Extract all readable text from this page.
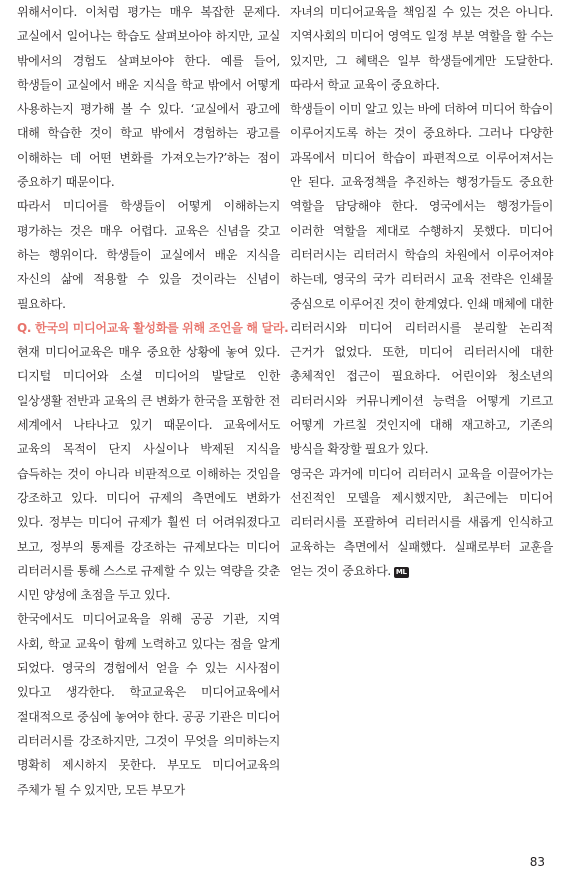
위해서이다. 이처럼 평가는 매우 복잡한 문제다. 교실에서 일어나는 학습도 살펴보아야 하지만, 교실 밖에서의 경험도 살펴보아야 한다. 예를 들어, 학생들이 교실에서 배운 지식을 학교 밖에서 어떻게 사용하는지 평가해 볼 수 있다. ‘교실에서 광고에 대해 학습한 것이 학교 밖에서 경험하는 광고를 이해하는 데 어떤 변화를 가져오는가?’하는 점이 중요하기 때문이다.

따라서 미디어를 학생들이 어떻게 이해하는지 평가하는 것은 매우 어렵다. 교육은 신념을 갖고 하는 행위이다. 학생들이 교실에서 배운 지식을 자신의 삶에 적용할 수 있을 것이라는 신념이 필요하다.

Q. 한국의 미디어교육 활성화를 위해 조언을 해 달라.

현재 미디어교육은 매우 중요한 상황에 놓여 있다. 디지털 미디어와 소셜 미디어의 발달로 인한 일상생활 전반과 교육의 큰 변화가 한국을 포함한 전 세계에서 나타나고 있기 때문이다. 교육에서도 교육의 목적이 단지 사실이나 박제된 지식을 습득하는 것이 아니라 비판적으로 이해하는 것임을 강조하고 있다. 미디어 규제의 측면에도 변화가 있다. 정부는 미디어 규제가 훨씬 더 어려워졌다고 보고, 정부의 통제를 강조하는 규제보다는 미디어 리터러시를 통해 스스로 규제할 수 있는 역량을 갖춘 시민 양성에 초점을 두고 있다.

한국에서도 미디어교육을 위해 공공 기관, 지역 사회, 학교 교육이 함께 노력하고 있다는 점을 알게 되었다. 영국의 경험에서 얻을 수 있는 시사점이 있다고 생각한다. 학교교육은 미디어교육에서 절대적으로 중심에 놓여야 한다. 공공 기관은 미디어 리터러시를 강조하지만, 그것이 무엇을 의미하는지 명확히 제시하지 못한다. 부모도 미디어교육의 주체가 될 수 있지만, 모든 부모가

자녀의 미디어교육을 책임질 수 있는 것은 아니다. 지역사회의 미디어 영역도 일정 부분 역할을 할 수는 있지만, 그 혜택은 일부 학생들에게만 도달한다. 따라서 학교 교육이 중요하다.

학생들이 이미 알고 있는 바에 더하여 미디어 학습이 이루어지도록 하는 것이 중요하다. 그러나 다양한 과목에서 미디어 학습이 파편적으로 이루어져서는 안 된다. 교육정책을 추진하는 행정가들도 중요한 역할을 담당해야 한다. 영국에서는 행정가들이 이러한 역할을 제대로 수행하지 못했다. 미디어 리터러시는 리터러시 학습의 차원에서 이루어져야 하는데, 영국의 국가 리터러시 교육 전략은 인쇄물 중심으로 이루어진 것이 한계였다. 인쇄 매체에 대한 리터러시와 미디어 리터러시를 분리할 논리적 근거가 없었다. 또한, 미디어 리터러시에 대한 총체적인 접근이 필요하다. 어린이와 청소년의 리터러시와 커뮤니케이션 능력을 어떻게 기르고 어떻게 가르칠 것인지에 대해 재고하고, 기존의 방식을 확장할 필요가 있다.

영국은 과거에 미디어 리터러시 교육을 이끌어가는 선진적인 모델을 제시했지만, 최근에는 미디어 리터러시를 포괄하여 리터러시를 새롭게 인식하고 교육하는 측면에서 실패했다. 실패로부터 교훈을 얻는 것이 중요하다. ML

83
